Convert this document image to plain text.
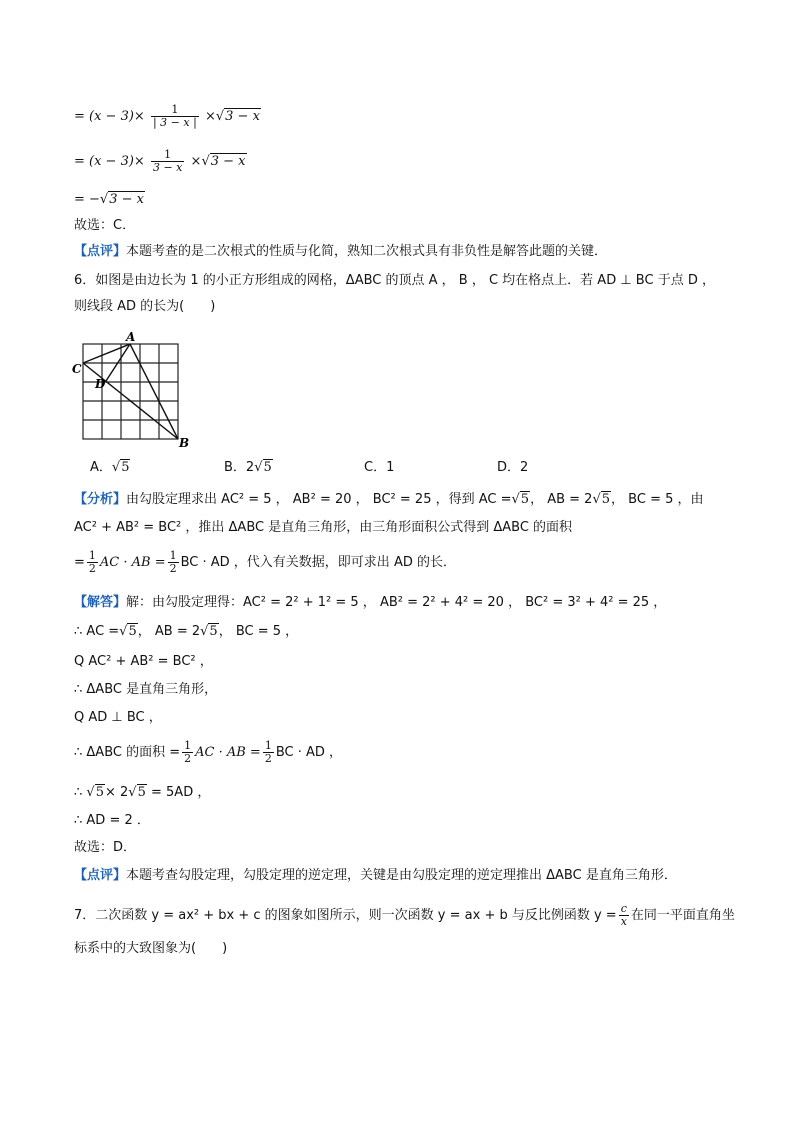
= $(x - 3)\times \frac{1}{| 3 - x |} \times√3 - x$
= $(x - 3)\times \frac{1}{3 - x} \times√3 - x$
= −√3 − x
故选：C．
【点评】本题考查的是二次根式的性质与化简，熟知二次根式具有非负性是解答此题的关键．
6．如图是由边长为 1 的小正方形组成的网格，ΔABC 的顶点 A ， B ， C 均在格点上．若 AD ⊥ BC 于点 D ，
则线段 AD 的长为(　　)
A
B
C
D
A．√5	B．2√5	C．1	D．2
【分析】由勾股定理求出 AC² = 5 ， AB² = 20 ， BC² = 25 ，得到 AC =√5， AB = 2√5， BC = 5 ，由
AC² + AB² = BC² ，推出 ΔABC 是直角三角形，由三角形面积公式得到 ΔABC 的面积
= $\frac{1}{2}$ AC · AB = $\frac{1}{2}$ BC · AD ，代入有关数据，即可求出 AD 的长．
【解答】解：由勾股定理得：AC² = 2² + 1² = 5 ， AB² = 2² + 4² = 20 ， BC² = 3² + 4² = 25 ，
∴ AC =√5， AB = 2√5， BC = 5 ，
Q AC² + AB² = BC² ，
∴ ΔABC 是直角三角形，
Q AD ⊥ BC ，
∴ ΔABC 的面积 = $\frac{1}{2}$ AC · AB = $\frac{1}{2}$ BC · AD ，
∴ √5× 2√5 = 5AD ，
∴ AD = 2 ．
故选：D．
【点评】本题考查勾股定理，勾股定理的逆定理，关键是由勾股定理的逆定理推出 ΔABC 是直角三角形．
7．二次函数 y = ax² + bx + c 的图象如图所示，则一次函数 y = ax + b 与反比例函数 $y = \frac{c}{x}$ 在同一平面直角坐
标系中的大致图象为(　　)
